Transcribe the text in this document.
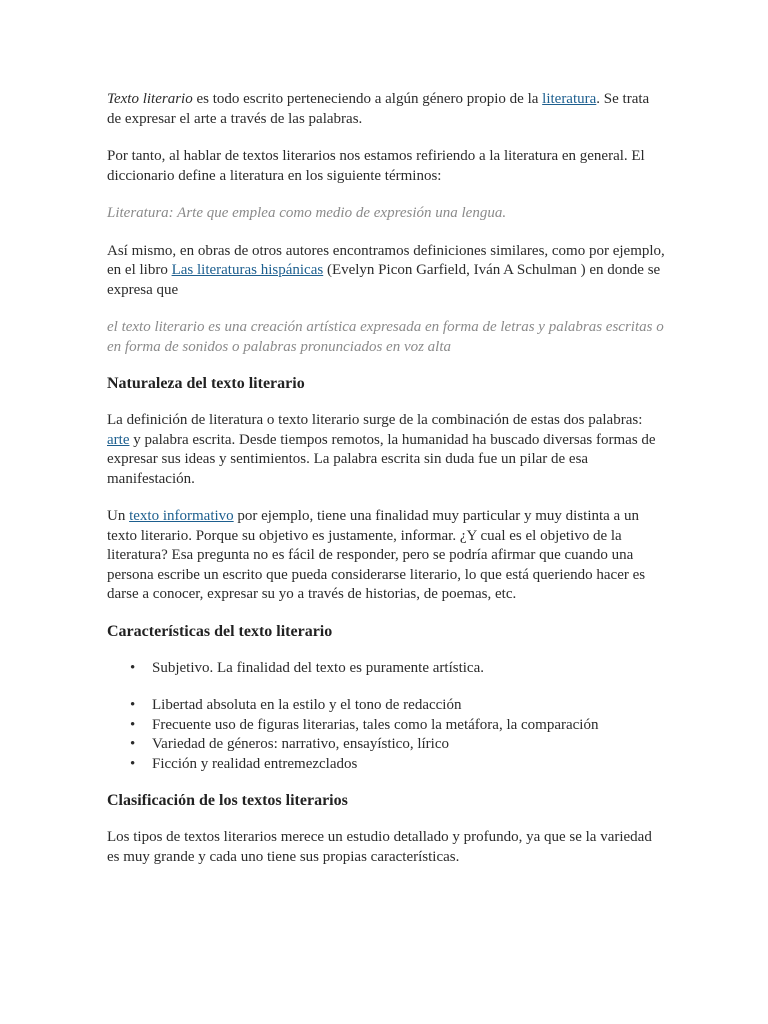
Texto literario es todo escrito perteneciendo a algún género propio de la literatura. Se trata de expresar el arte a través de las palabras.

Por tanto, al hablar de textos literarios nos estamos refiriendo a la literatura en general. El diccionario define a literatura en los siguiente términos:

Literatura: Arte que emplea como medio de expresión una lengua.

Así mismo, en obras de otros autores encontramos definiciones similares, como por ejemplo, en el libro Las literaturas hispánicas (Evelyn Picon Garfield, Iván A Schulman ) en donde se expresa que

el texto literario es una creación artística expresada en forma de letras y palabras escritas o en forma de sonidos o palabras pronunciados en voz alta

Naturaleza del texto literario

La definición de literatura o texto literario surge de la combinación de estas dos palabras: arte y palabra escrita. Desde tiempos remotos, la humanidad ha buscado diversas formas de expresar sus ideas y sentimientos. La palabra escrita sin duda fue un pilar de esa manifestación.

Un texto informativo por ejemplo, tiene una finalidad muy particular y muy distinta a un texto literario. Porque su objetivo es justamente, informar. ¿Y cual es el objetivo de la literatura? Esa pregunta no es fácil de responder, pero se podría afirmar que cuando una persona escribe un escrito que pueda considerarse literario, lo que está queriendo hacer es darse a conocer, expresar su yo a través de historias, de poemas, etc.

Características del texto literario
• Subjetivo. La finalidad del texto es puramente artística.
• Libertad absoluta en la estilo y el tono de redacción
• Frecuente uso de figuras literarias, tales como la metáfora, la comparación
• Variedad de géneros: narrativo, ensayístico, lírico
• Ficción y realidad entremezclados
Clasificación de los textos literarios

Los tipos de textos literarios merece un estudio detallado y profundo, ya que se la variedad es muy grande y cada uno tiene sus propias características.
